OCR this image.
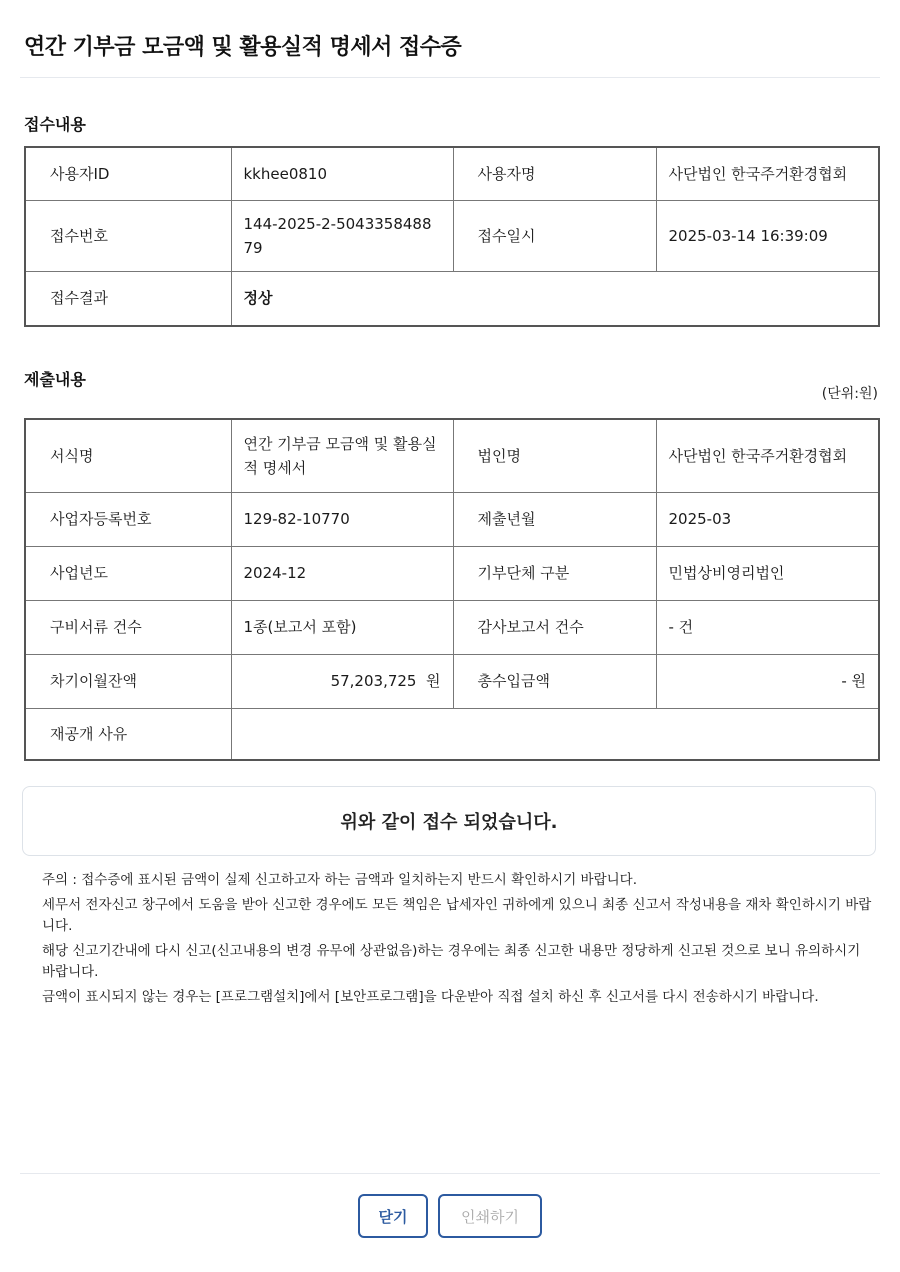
연간 기부금 모금액 및 활용실적 명세서 접수증
접수내용
사용자ID	kkhee0810	사용자명	사단법인 한국주거환경협회
접수번호	144-2025-2-504335848879	접수일시	2025-03-14 16:39:09
접수결과	정상		
제출내용
(단위:원)
서식명	연간 기부금 모금액 및 활용실적 명세서	법인명	사단법인 한국주거환경협회
사업자등록번호	129-82-10770	제출년월	2025-03
사업년도	2024-12	기부단체 구분	민법상비영리법인
구비서류 건수	1종(보고서 포함)	감사보고서 건수	- 건
차기이월잔액	57,203,725  원	총수입금액	- 원
재공개 사유			
위와 같이 접수 되었습니다.

주의 : 접수증에 표시된 금액이 실제 신고하고자 하는 금액과 일치하는지 반드시 확인하시기 바랍니다.

세무서 전자신고 창구에서 도움을 받아 신고한 경우에도 모든 책임은 납세자인 귀하에게 있으니 최종 신고서 작성내용을 재차 확인하시기 바랍니다.

해당 신고기간내에 다시 신고(신고내용의 변경 유무에 상관없음)하는 경우에는 최종 신고한 내용만 정당하게 신고된 것으로 보니 유의하시기 바랍니다.

금액이 표시되지 않는 경우는 [프로그램설치]에서 [보안프로그램]을 다운받아 직접 설치 하신 후 신고서를 다시 전송하시기 바랍니다.

닫기	인쇄하기
